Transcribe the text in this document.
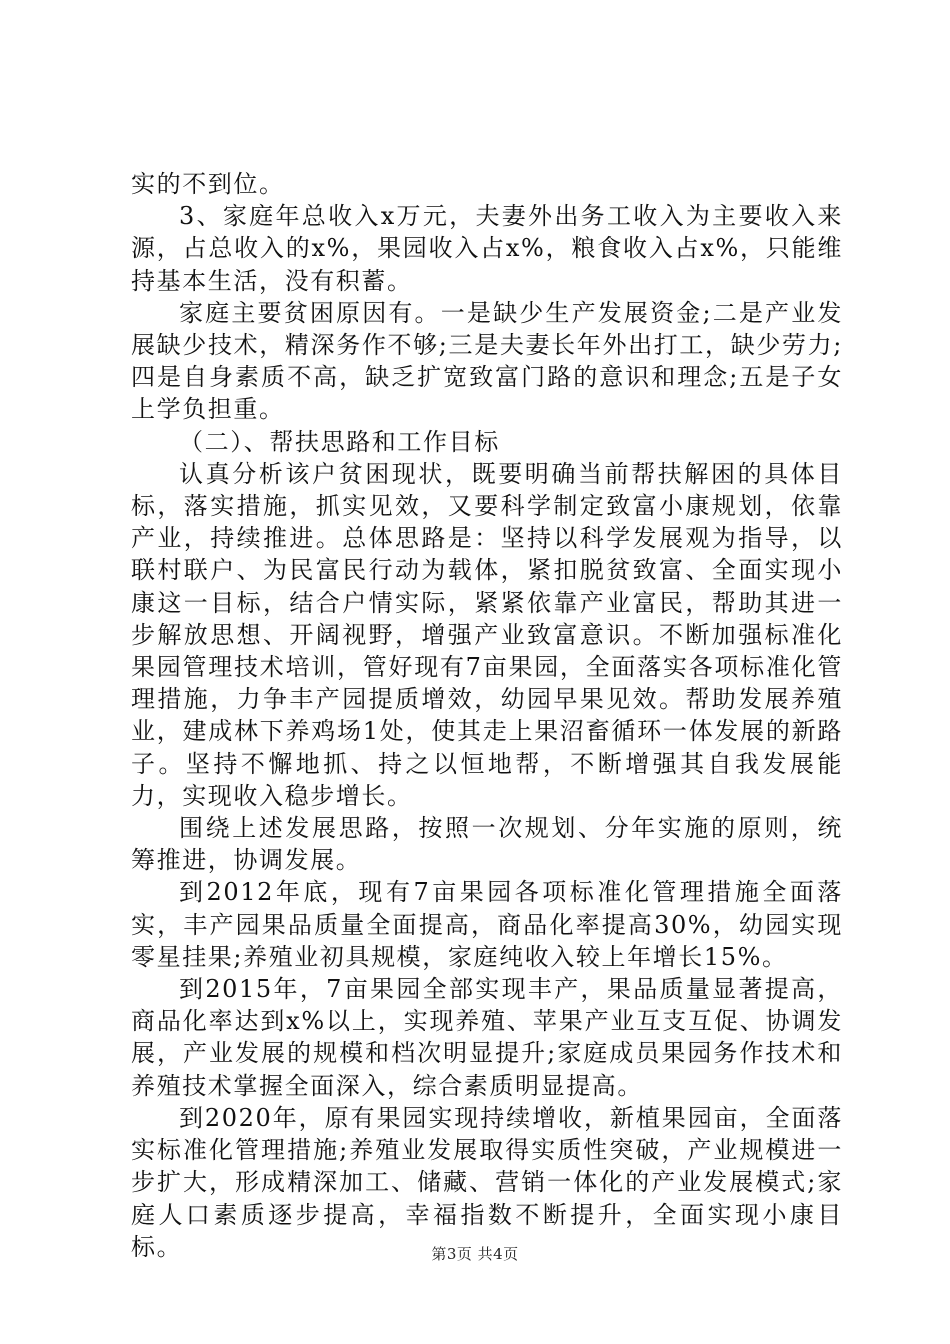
实的不到位。

3、家庭年总收入x万元，夫妻外出务工收入为主要收入来源，占总收入的x%，果园收入占x%，粮食收入占x%，只能维持基本生活，没有积蓄。

家庭主要贫困原因有。一是缺少生产发展资金;二是产业发展缺少技术，精深务作不够;三是夫妻长年外出打工，缺少劳力;四是自身素质不高，缺乏扩宽致富门路的意识和理念;五是子女上学负担重。

（二）、帮扶思路和工作目标

认真分析该户贫困现状，既要明确当前帮扶解困的具体目标，落实措施，抓实见效，又要科学制定致富小康规划，依靠产业，持续推进。总体思路是：坚持以科学发展观为指导，以联村联户、为民富民行动为载体，紧扣脱贫致富、全面实现小康这一目标，结合户情实际，紧紧依靠产业富民，帮助其进一步解放思想、开阔视野，增强产业致富意识。不断加强标准化果园管理技术培训，管好现有7亩果园，全面落实各项标准化管理措施，力争丰产园提质增效，幼园早果见效。帮助发展养殖业，建成林下养鸡场1处，使其走上果沼畜循环一体发展的新路子。坚持不懈地抓、持之以恒地帮，不断增强其自我发展能力，实现收入稳步增长。

围绕上述发展思路，按照一次规划、分年实施的原则，统筹推进，协调发展。

到2012年底，现有7亩果园各项标准化管理措施全面落实，丰产园果品质量全面提高，商品化率提高30%，幼园实现零星挂果;养殖业初具规模，家庭纯收入较上年增长15%。

到2015年，7亩果园全部实现丰产，果品质量显著提高，商品化率达到x%以上，实现养殖、苹果产业互支互促、协调发展，产业发展的规模和档次明显提升;家庭成员果园务作技术和养殖技术掌握全面深入，综合素质明显提高。

到2020年，原有果园实现持续增收，新植果园亩，全面落实标准化管理措施;养殖业发展取得实质性突破，产业规模进一步扩大，形成精深加工、储藏、营销一体化的产业发展模式;家庭人口素质逐步提高，幸福指数不断提升，全面实现小康目标。	第3页 共4页
